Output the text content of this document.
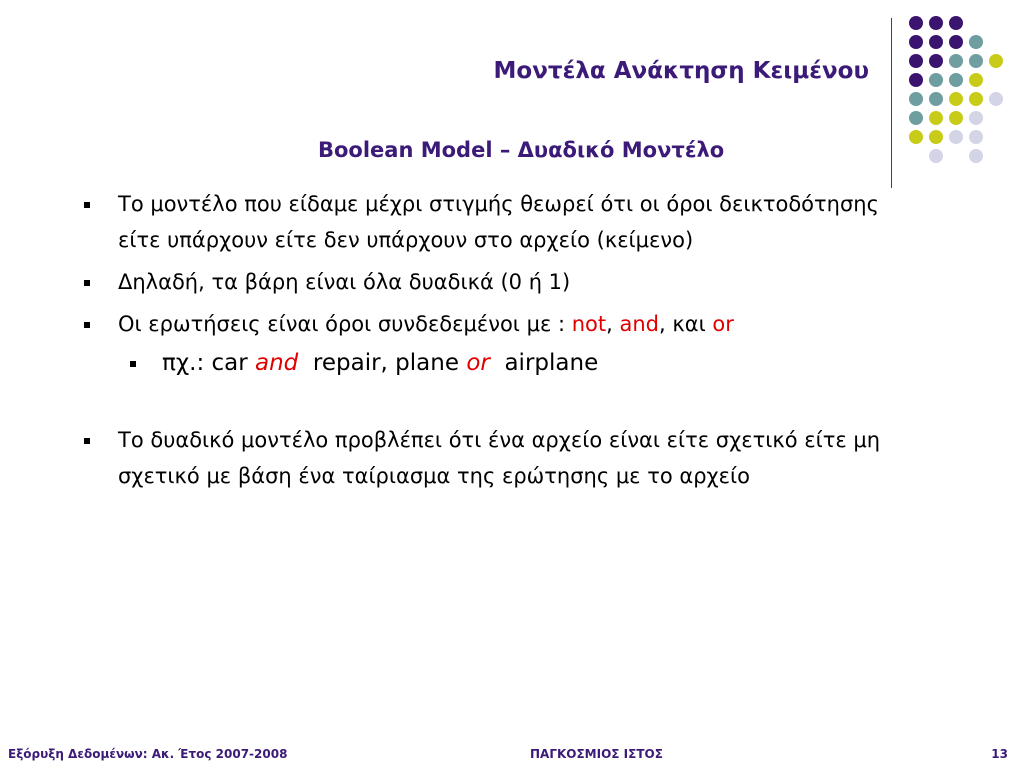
Μοντέλα Ανάκτηση Κειμένου
Boolean Model – Δυαδικό Μοντέλο
Το μοντέλο που είδαμε μέχρι στιγμής θεωρεί ότι οι όροι δεικτοδότησης είτε υπάρχουν είτε δεν υπάρχουν στο αρχείο (κείμενο)
Δηλαδή, τα βάρη είναι όλα δυαδικά (0 ή 1)
Οι ερωτήσεις είναι όροι συνδεδεμένοι με : not, and, και or
πχ.: car and  repair, plane or  airplane
Το δυαδικό μοντέλο προβλέπει ότι ένα αρχείο είναι είτε σχετικό είτε μη σχετικό με βάση ένα ταίριασμα της ερώτησης με το αρχείο
Εξόρυξη Δεδομένων: Ακ. Έτος 2007-2008	ΠΑΓΚΟΣΜΙΟΣ ΙΣΤΟΣ	13
